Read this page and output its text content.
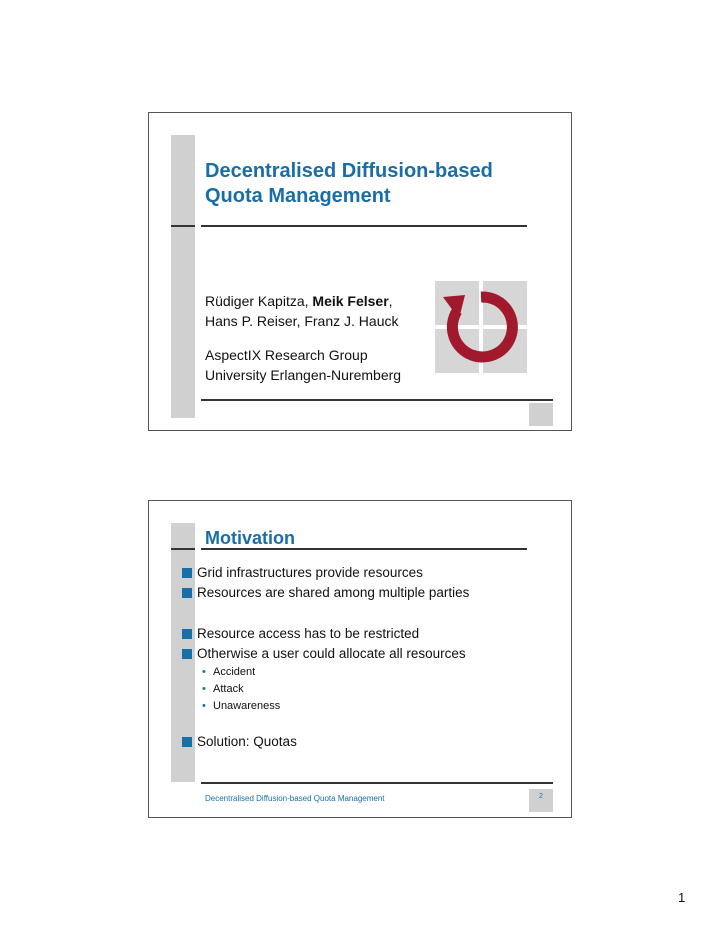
Decentralised Diffusion-based
Quota Management
Rüdiger Kapitza, Meik Felser,
Hans P. Reiser, Franz J. Hauck
AspectIX Research Group
University Erlangen-Nuremberg
Motivation
Grid infrastructures provide resources
Resources are shared among multiple parties
Resource access has to be restricted
Otherwise a user could allocate all resources
• Accident
• Attack
• Unawareness
Solution: Quotas
Decentralised Diffusion-based Quota Management	2
1
